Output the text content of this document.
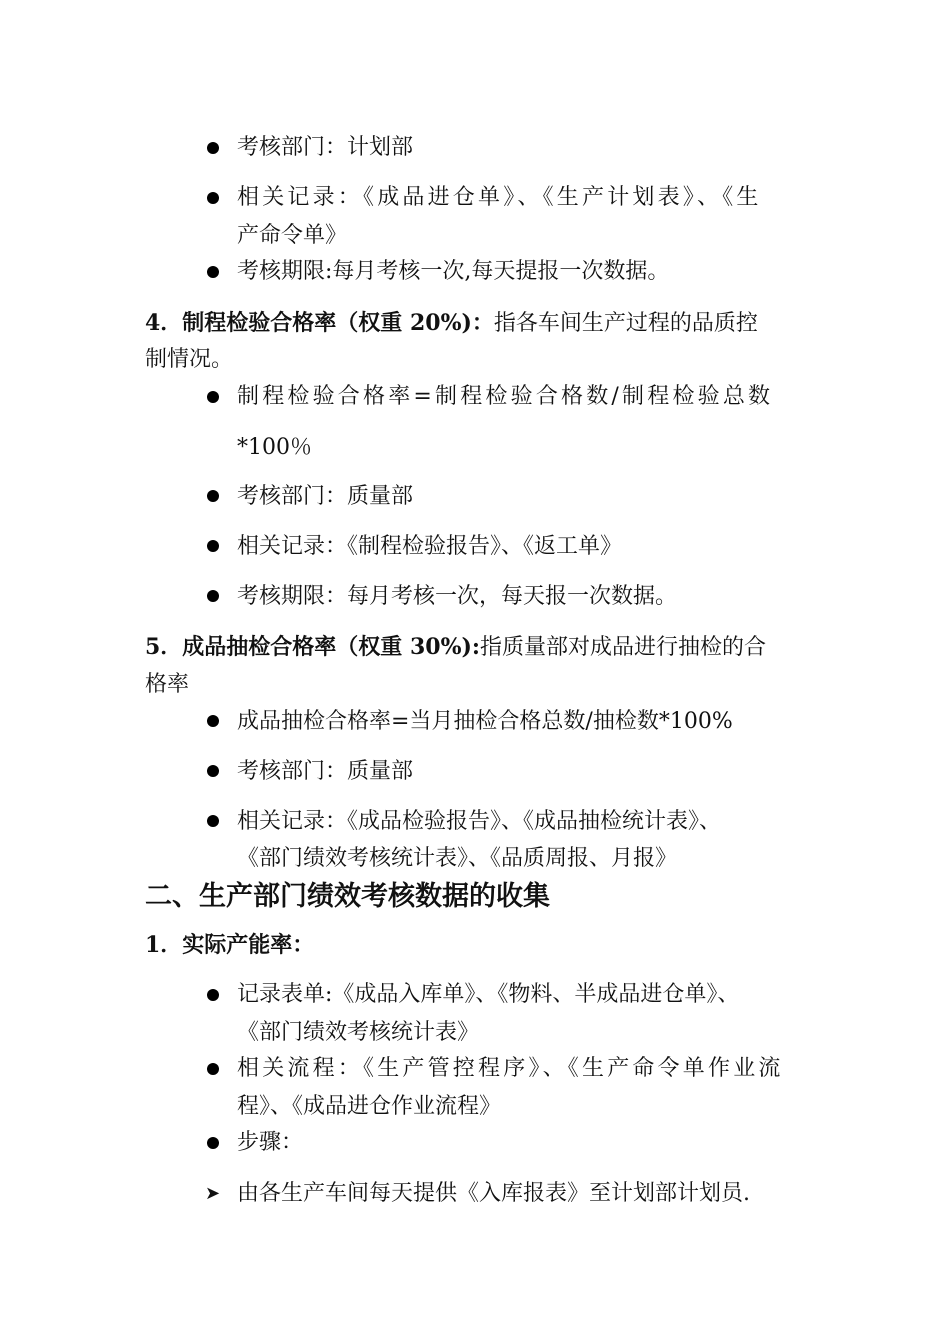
考核部门：计划部
相关记录：《成品进仓单》、《生产计划表》、《生
产命令单》
考核期限:每月考核一次,每天提报一次数据。
4．制程检验合格率（权重 20%)：指各车间生产过程的品质控
制情况。
制程检验合格率=制程检验合格数/制程检验总数
*100％
考核部门：质量部
相关记录：《制程检验报告》、《返工单》
考核期限：每月考核一次，每天报一次数据。
5．成品抽检合格率（权重 30%):指质量部对成品进行抽检的合
格率
成品抽检合格率=当月抽检合格总数/抽检数*100%
考核部门：质量部
相关记录：《成品检验报告》、《成品抽检统计表》、
《部门绩效考核统计表》、《品质周报、月报》
二、生产部门绩效考核数据的收集
1．实际产能率：
记录表单:《成品入库单》、《物料、半成品进仓单》、
《部门绩效考核统计表》
相关流程：《生产管控程序》、《生产命令单作业流
程》、《成品进仓作业流程》
步骤：
➤ 由各生产车间每天提供《入库报表》至计划部计划员.
